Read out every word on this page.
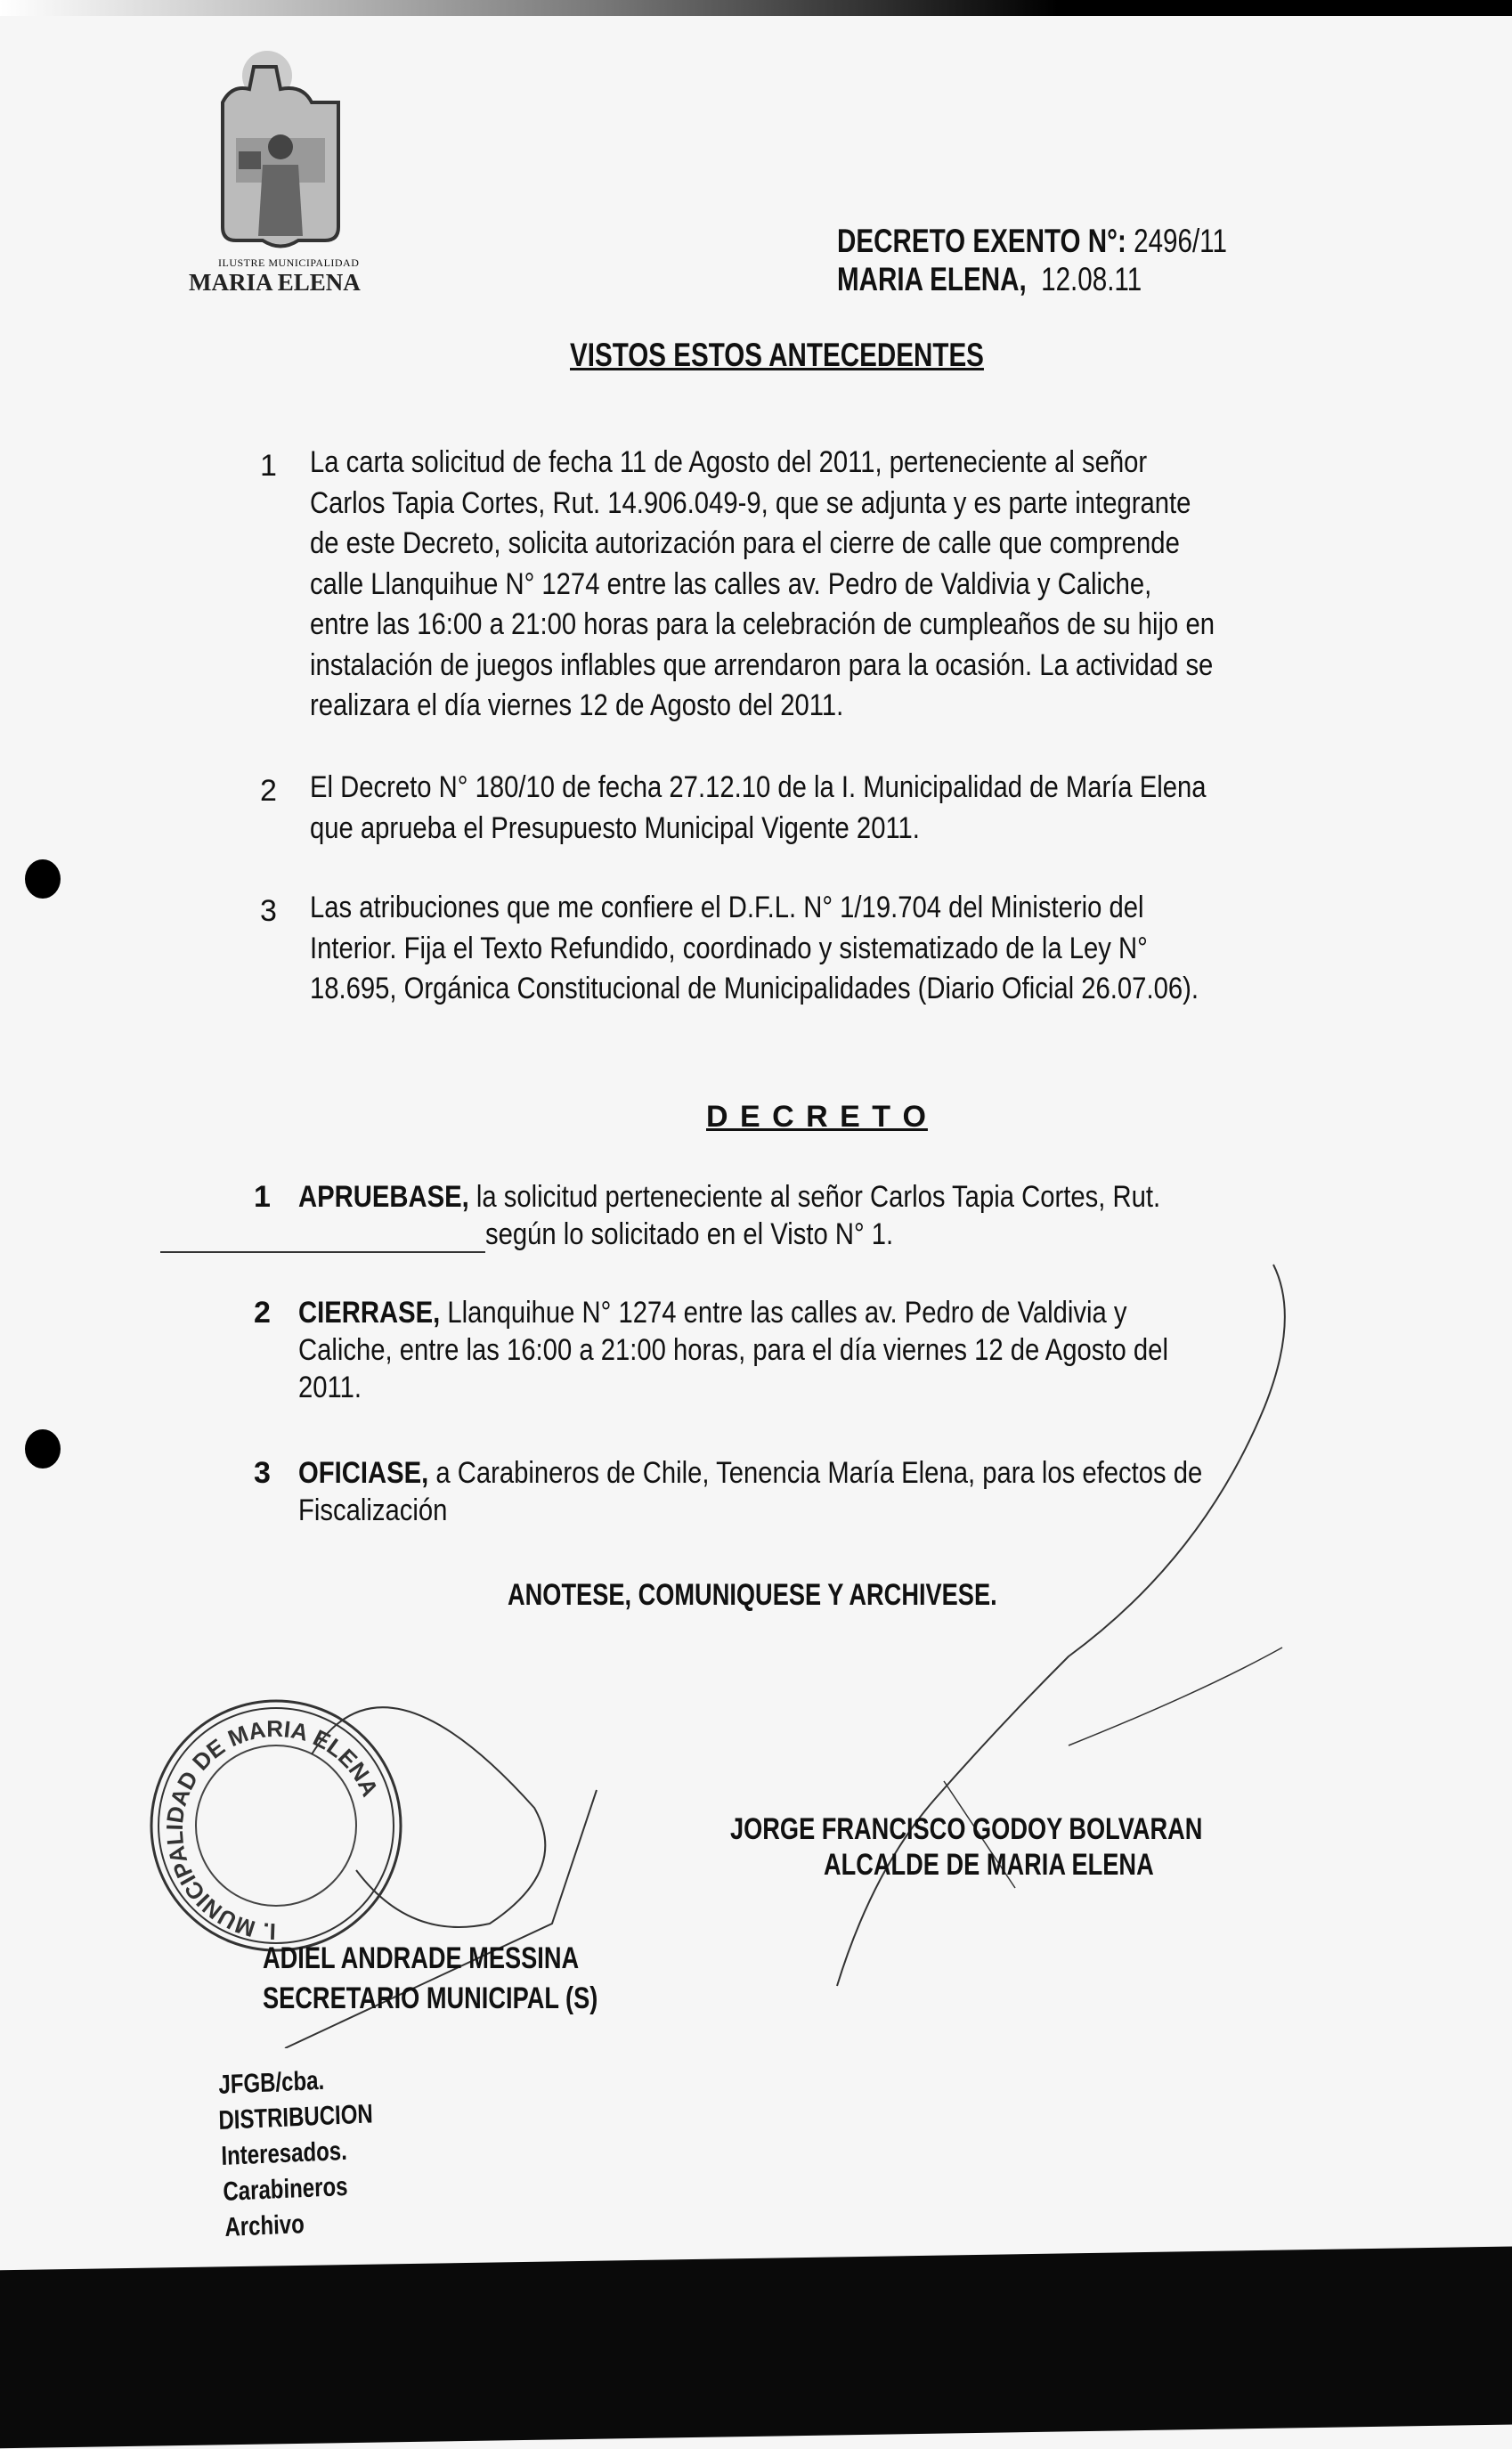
ILUSTRE MUNICIPALIDAD
MARIA ELENA
DECRETO EXENTO N°: 2496/11
MARIA ELENA, 12.08.11
VISTOS ESTOS ANTECEDENTES
1 La carta solicitud de fecha 11 de Agosto del 2011, perteneciente al señor
Carlos Tapia Cortes, Rut. 14.906.049-9, que se adjunta y es parte integrante
de este Decreto, solicita autorización para el cierre de calle que comprende
calle Llanquihue N° 1274 entre las calles av. Pedro de Valdivia y Caliche,
entre las 16:00 a 21:00 horas para la celebración de cumpleaños de su hijo en
instalación de juegos inflables que arrendaron para la ocasión. La actividad se
realizara el día viernes 12 de Agosto del 2011.
2 El Decreto N° 180/10 de fecha 27.12.10 de la I. Municipalidad de María Elena
que aprueba el Presupuesto Municipal Vigente 2011.
3 Las atribuciones que me confiere el D.F.L. N° 1/19.704 del Ministerio del
Interior. Fija el Texto Refundido, coordinado y sistematizado de la Ley N°
18.695, Orgánica Constitucional de Municipalidades (Diario Oficial 26.07.06).
D E C R E T O
1 APRUEBASE, la solicitud perteneciente al señor Carlos Tapia Cortes, Rut.
según lo solicitado en el Visto N° 1.
2 CIERRASE, Llanquihue N° 1274 entre las calles av. Pedro de Valdivia y
Caliche, entre las 16:00 a 21:00 horas, para el día viernes 12 de Agosto del
2011.
3 OFICIASE, a Carabineros de Chile, Tenencia María Elena, para los efectos de
Fiscalización
ANOTESE, COMUNIQUESE Y ARCHIVESE.
I. MUNICIPALIDAD DE MARIA ELENA
JORGE FRANCISCO GODOY BOLVARAN
ALCALDE DE MARIA ELENA
ADIEL ANDRADE MESSINA
SECRETARIO MUNICIPAL (S)
JFGB/cba.
DISTRIBUCION
Interesados.
Carabineros
Archivo
